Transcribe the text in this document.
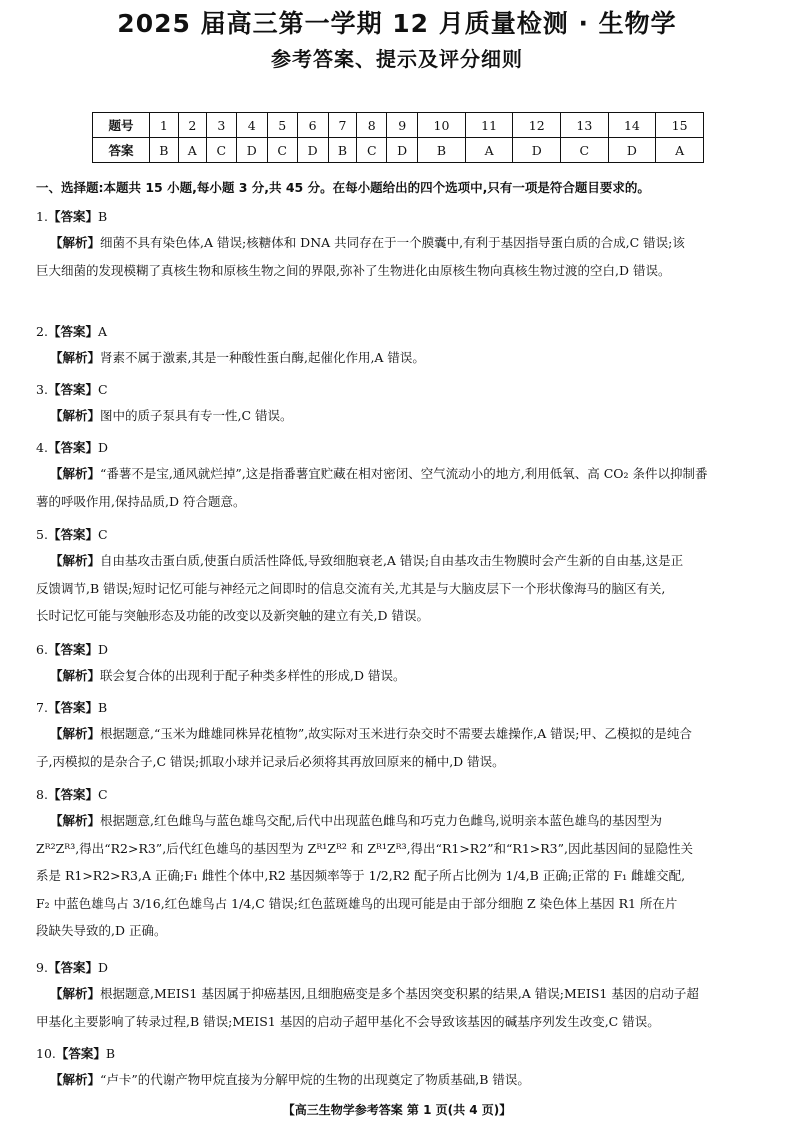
2025 届高三第一学期 12 月质量检测 · 生物学
参考答案、提示及评分细则
题号	1	2	3	4	5	6	7	8	9	10	11	12	13	14	15
答案	B	A	C	D	C	D	B	C	D	B	A	D	C	D	A
一、选择题:本题共 15 小题,每小题 3 分,共 45 分。在每小题给出的四个选项中,只有一项是符合题目要求的。
1.【答案】B
【解析】细菌不具有染色体,A 错误;核糖体和 DNA 共同存在于一个膜囊中,有利于基因指导蛋白质的合成,C 错误;该
巨大细菌的发现模糊了真核生物和原核生物之间的界限,弥补了生物进化由原核生物向真核生物过渡的空白,D 错误。
2.【答案】A
【解析】肾素不属于激素,其是一种酸性蛋白酶,起催化作用,A 错误。
3.【答案】C
【解析】图中的质子泵具有专一性,C 错误。
4.【答案】D
【解析】“番薯不是宝,通风就烂掉”,这是指番薯宜贮藏在相对密闭、空气流动小的地方,利用低氧、高 CO₂ 条件以抑制番
薯的呼吸作用,保持品质,D 符合题意。
5.【答案】C
【解析】自由基攻击蛋白质,使蛋白质活性降低,导致细胞衰老,A 错误;自由基攻击生物膜时会产生新的自由基,这是正
反馈调节,B 错误;短时记忆可能与神经元之间即时的信息交流有关,尤其是与大脑皮层下一个形状像海马的脑区有关,
长时记忆可能与突触形态及功能的改变以及新突触的建立有关,D 错误。
6.【答案】D
【解析】联会复合体的出现利于配子种类多样性的形成,D 错误。
7.【答案】B
【解析】根据题意,“玉米为雌雄同株异花植物”,故实际对玉米进行杂交时不需要去雄操作,A 错误;甲、乙模拟的是纯合
子,丙模拟的是杂合子,C 错误;抓取小球并记录后必须将其再放回原来的桶中,D 错误。
8.【答案】C
【解析】根据题意,红色雌鸟与蓝色雄鸟交配,后代中出现蓝色雌鸟和巧克力色雌鸟,说明亲本蓝色雄鸟的基因型为
Zᴿ²Zᴿ³,得出“R2>R3”,后代红色雄鸟的基因型为 Zᴿ¹Zᴿ² 和 Zᴿ¹Zᴿ³,得出“R1>R2”和“R1>R3”,因此基因间的显隐性关
系是 R1>R2>R3,A 正确;F₁ 雌性个体中,R2 基因频率等于 1/2,R2 配子所占比例为 1/4,B 正确;正常的 F₁ 雌雄交配,
F₂ 中蓝色雄鸟占 3/16,红色雄鸟占 1/4,C 错误;红色蓝斑雄鸟的出现可能是由于部分细胞 Z 染色体上基因 R1 所在片
段缺失导致的,D 正确。
9.【答案】D
【解析】根据题意,MEIS1 基因属于抑癌基因,且细胞癌变是多个基因突变积累的结果,A 错误;MEIS1 基因的启动子超
甲基化主要影响了转录过程,B 错误;MEIS1 基因的启动子超甲基化不会导致该基因的碱基序列发生改变,C 错误。
10.【答案】B
【解析】“卢卡”的代谢产物甲烷直接为分解甲烷的生物的出现奠定了物质基础,B 错误。
【高三生物学参考答案 第 1 页(共 4 页)】
